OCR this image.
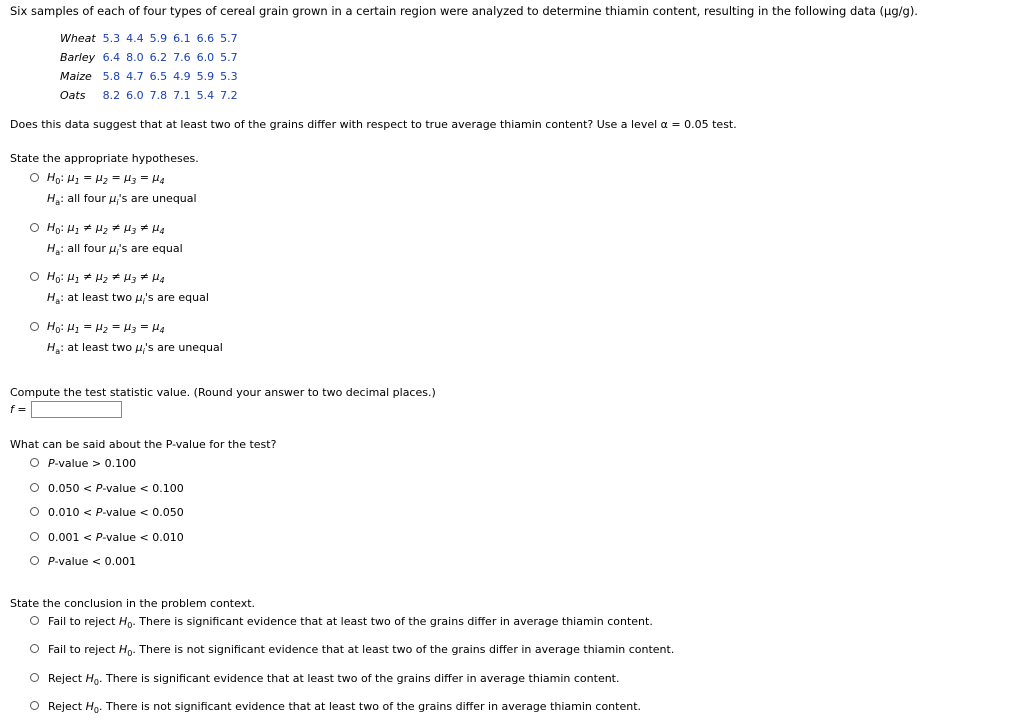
Six samples of each of four types of cereal grain grown in a certain region were analyzed to determine thiamin content, resulting in the following data (µg/g).
Wheat	5.3	4.4	5.9	6.1	6.6	5.7
Barley	6.4	8.0	6.2	7.6	6.0	5.7
Maize	5.8	4.7	6.5	4.9	5.9	5.3
Oats	8.2	6.0	7.8	7.1	5.4	7.2
Does this data suggest that at least two of the grains differ with respect to true average thiamin content? Use a level α = 0.05 test.
State the appropriate hypotheses.
$H_0$: $\mu_1 = \mu_2 = \mu_3 = \mu_4$
$H_a$: all four $\mu_i's$ are unequal
$H_0$: $\mu_1 \ne \mu_2 \ne \mu_3 \ne \mu_4$
$H_a$: all four $\mu_i's$ are equal
$H_0$: $\mu_1 \ne \mu_2 \ne \mu_3 \ne \mu_4$
$H_a$: at least two $\mu_i's$ are equal
$H_0$: $\mu_1 = \mu_2 = \mu_3 = \mu_4$
$H_a$: at least two $\mu_i's$ are unequal
Compute the test statistic value. (Round your answer to two decimal places.)
f =
What can be said about the P-value for the test?
P-value > 0.100
0.050 < P-value < 0.100
0.010 < P-value < 0.050
0.001 < P-value < 0.010
P-value < 0.001
State the conclusion in the problem context.
Fail to reject $H_0$. There is significant evidence that at least two of the grains differ in average thiamin content.
Fail to reject $H_0$. There is not significant evidence that at least two of the grains differ in average thiamin content.
Reject $H_0$. There is significant evidence that at least two of the grains differ in average thiamin content.
Reject $H_0$. There is not significant evidence that at least two of the grains differ in average thiamin content.
